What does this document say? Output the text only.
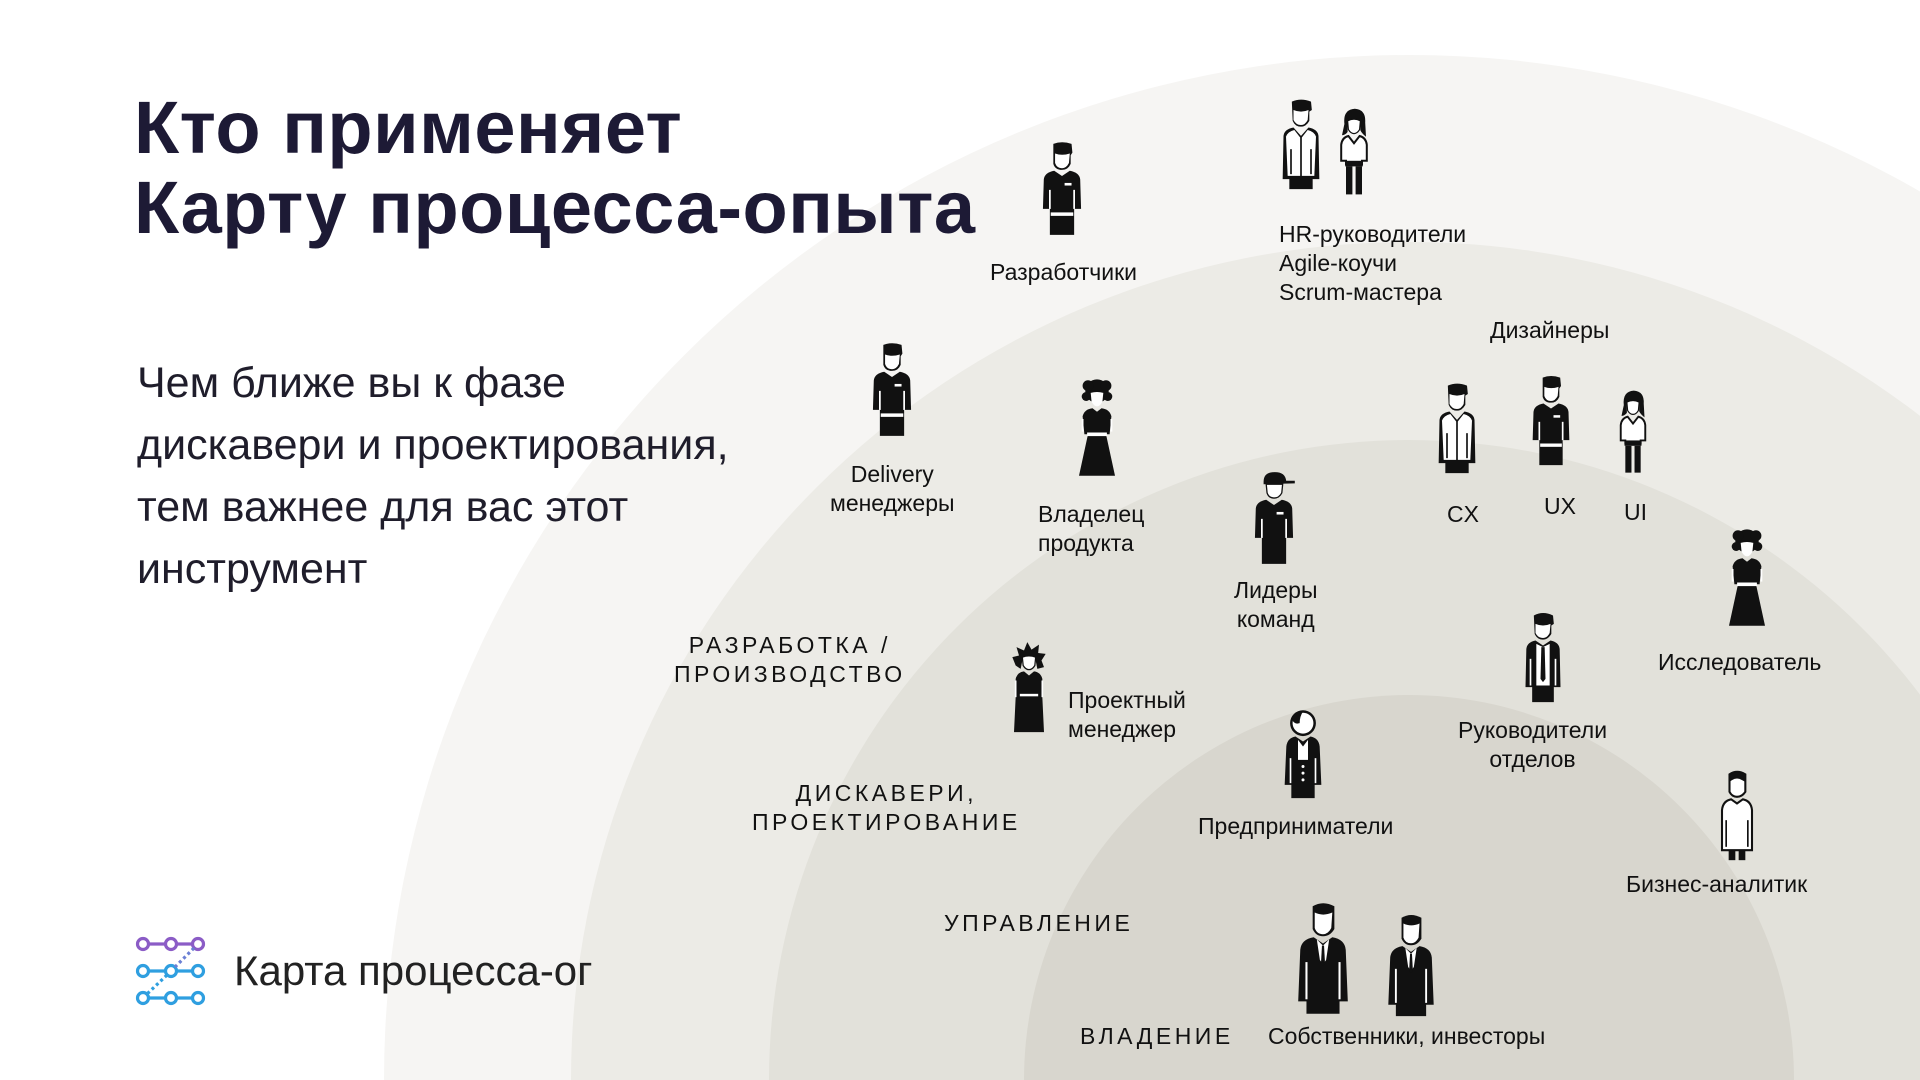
Кто применяет
Карту процесса-опыта

Чем ближе вы к фазе
дискавери и проектирования,
тем важнее для вас этот
инструмент

РАЗРАБОТКА /
ПРОИЗВОДСТВО
ДИСКАВЕРИ,
ПРОЕКТИРОВАНИЕ
УПРАВЛЕНИЕ
ВЛАДЕНИЕ
Разработчики
HR-руководители
Agile-коучи
Scrum-мастера
Дизайнеры
CX	UX UI
Delivery
менеджеры	Владелец
продукта
Лидеры
команд
Исследователь
Проектный
менеджер	Руководители
отделов
Предприниматели
Бизнес-аналитик
Собственники, инвесторы
Карта процесса-ог
